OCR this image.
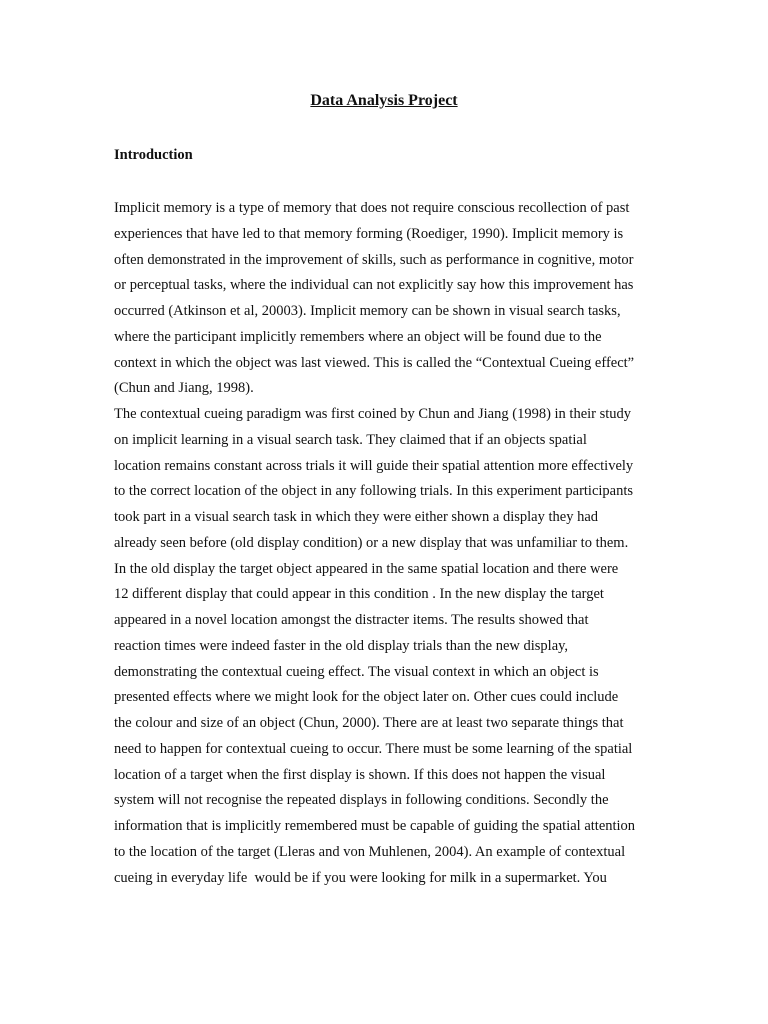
Data Analysis Project
Introduction
Implicit memory is a type of memory that does not require conscious recollection of past
experiences that have led to that memory forming (Roediger, 1990). Implicit memory is
often demonstrated in the improvement of skills, such as performance in cognitive, motor
or perceptual tasks, where the individual can not explicitly say how this improvement has
occurred (Atkinson et al, 20003). Implicit memory can be shown in visual search tasks,
where the participant implicitly remembers where an object will be found due to the
context in which the object was last viewed. This is called the “Contextual Cueing effect”
(Chun and Jiang, 1998).
The contextual cueing paradigm was first coined by Chun and Jiang (1998) in their study
on implicit learning in a visual search task. They claimed that if an objects spatial
location remains constant across trials it will guide their spatial attention more effectively
to the correct location of the object in any following trials. In this experiment participants
took part in a visual search task in which they were either shown a display they had
already seen before (old display condition) or a new display that was unfamiliar to them.
In the old display the target object appeared in the same spatial location and there were
12 different display that could appear in this condition . In the new display the target
appeared in a novel location amongst the distracter items. The results showed that
reaction times were indeed faster in the old display trials than the new display,
demonstrating the contextual cueing effect. The visual context in which an object is
presented effects where we might look for the object later on. Other cues could include
the colour and size of an object (Chun, 2000). There are at least two separate things that
need to happen for contextual cueing to occur. There must be some learning of the spatial
location of a target when the first display is shown. If this does not happen the visual
system will not recognise the repeated displays in following conditions. Secondly the
information that is implicitly remembered must be capable of guiding the spatial attention
to the location of the target (Lleras and von Muhlenen, 2004). An example of contextual
cueing in everyday life  would be if you were looking for milk in a supermarket. You
